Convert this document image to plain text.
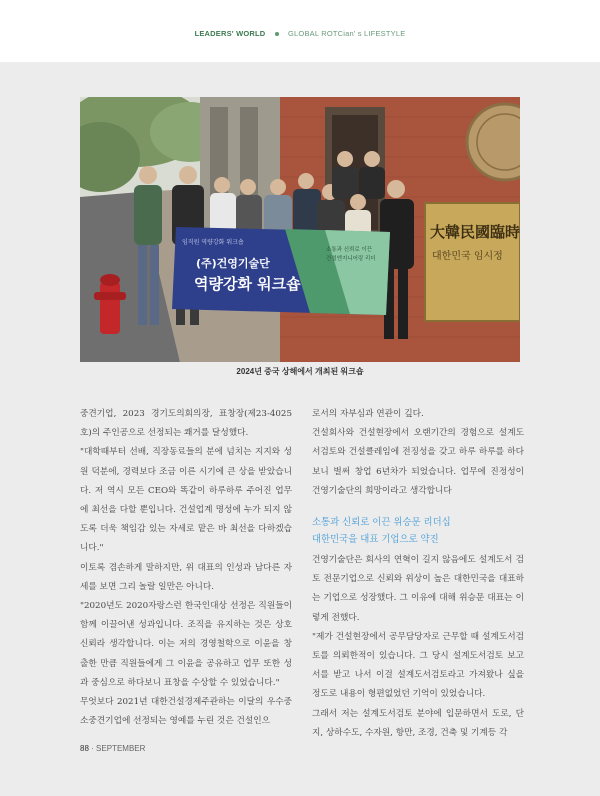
LEADERS' WORLD	GLOBAL ROTCian' s LIFESTYLE
大韓民國臨時
대한민국 임시정
임직원 역량강화 워크숍
(주)건영기술단
역량강화 워크숍
소통과 신뢰로 이끈
건설엔지니어링 리더
2024년 중국 상해에서 개최된 워크숍

중견기업, 2023 경기도의회의장, 표창장(제23-4025호)의 주인공으로 선정되는 쾌거를 달성했다.

"대학때부터 선배, 직장동료들의 분에 넘치는 지지와 성원 덕분에, 경력보다 조금 이른 시기에 큰 상을 받았습니다. 저 역시 모든 CEO와 똑같이 하루하루 주어진 업무에 최선을 다할 뿐입니다. 건설업계 명성에 누가 되지 않도록 더욱 책임감 있는 자세로 맡은 바 최선을 다하겠습니다."

이토록 겸손하게 말하지만, 위 대표의 인성과 남다른 자세를 보면 그리 놀랄 일만은 아니다.

"2020년도 2020자랑스런 한국인대상 선정은 직원들이 함께 이끌어낸 성과입니다. 조직을 유지하는 것은 상호 신뢰라 생각합니다. 이는 저의 경영철학으로 이윤을 창출한 만큼 직원들에게 그 이윤을 공유하고 업무 또한 성과 중심으로 하다보니 표창을 수상할 수 있었습니다."

무엇보다 2021년 대한건설경제주관하는 이달의 우수중소중견기업에 선정되는 영예를 누린 것은 건설인으

로서의 자부심과 연관이 깊다.

건설회사와 건설현장에서 오랜기간의 경험으로 설계도서검토와 건설클레임에 전징성을 갖고 하루 하루를 하다보니 벌써 창업 6년차가 되었습니다. 업무에 진정성이 건영기술단의 희망이라고 생각합니다

소통과 신뢰로 이끈 위승문 리더십
대한민국을 대표 기업으로 약진

건영기술단은 회사의 연혁이 길지 않음에도 설계도서 검토 전문기업으로 신뢰와 위상이 높은 대한민국을 대표하는 기업으로 성장했다. 그 이유에 대해 위승문 대표는 이렇게 전했다.

"제가 건설현장에서 공무담당자로 근무할 때 설계도서검토를 의뢰한적이 있습니다. 그 당시 설계도서검토 보고서를 받고 나서 이걸 설계도서검토라고 가져왔나 싶을 정도로 내용이 형편없었던 기억이 있었습니다.

그래서 저는 설계도서검토 분야에 입문하면서 도로, 단지, 상하수도, 수자원, 항만, 조경, 건축 및 기계등 각

88 · SEPTEMBER
